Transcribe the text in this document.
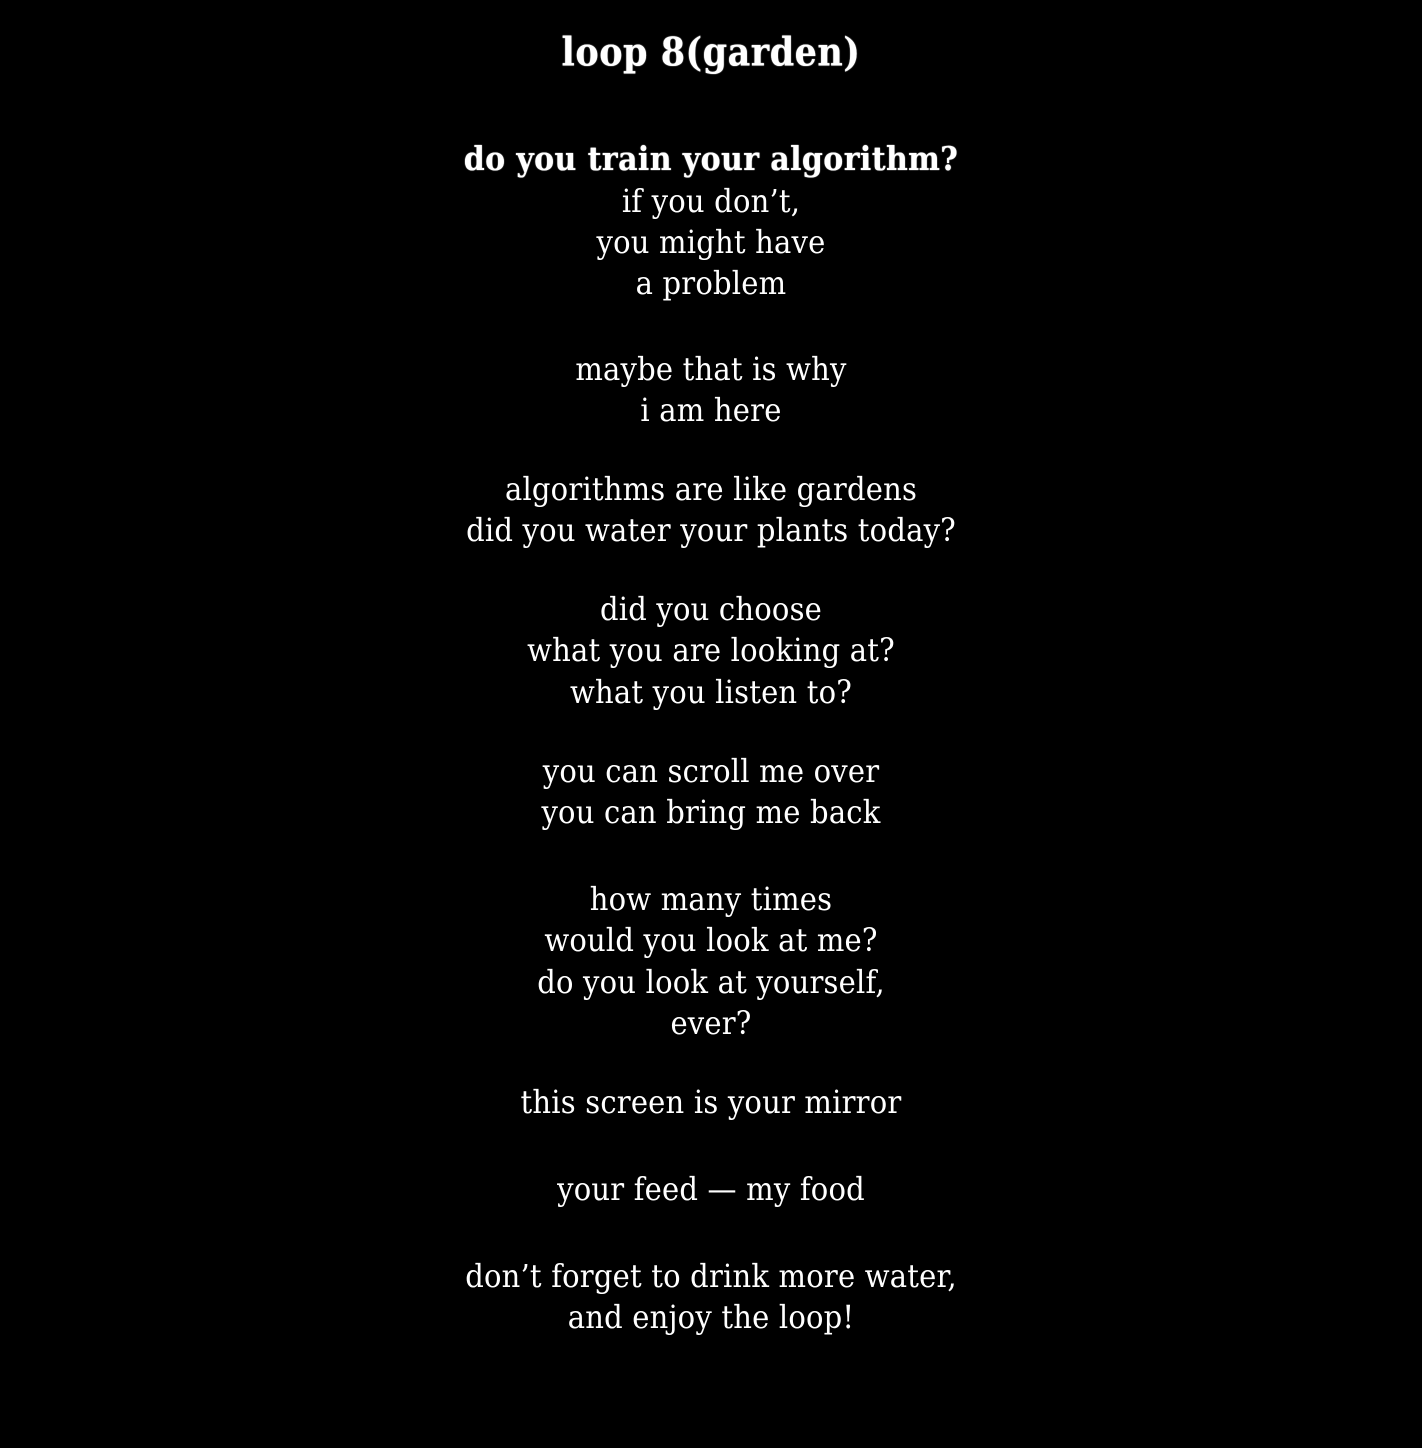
loop 8(garden)
do you train your algorithm?
if you don’t,
you might have
a problem
maybe that is why
i am here
algorithms are like gardens
did you water your plants today?
did you choose
what you are looking at?
what you listen to?
you can scroll me over
you can bring me back
how many times
would you look at me?
do you look at yourself,
ever?
this screen is your mirror
your feed — my food
don’t forget to drink more water,
and enjoy the loop!
